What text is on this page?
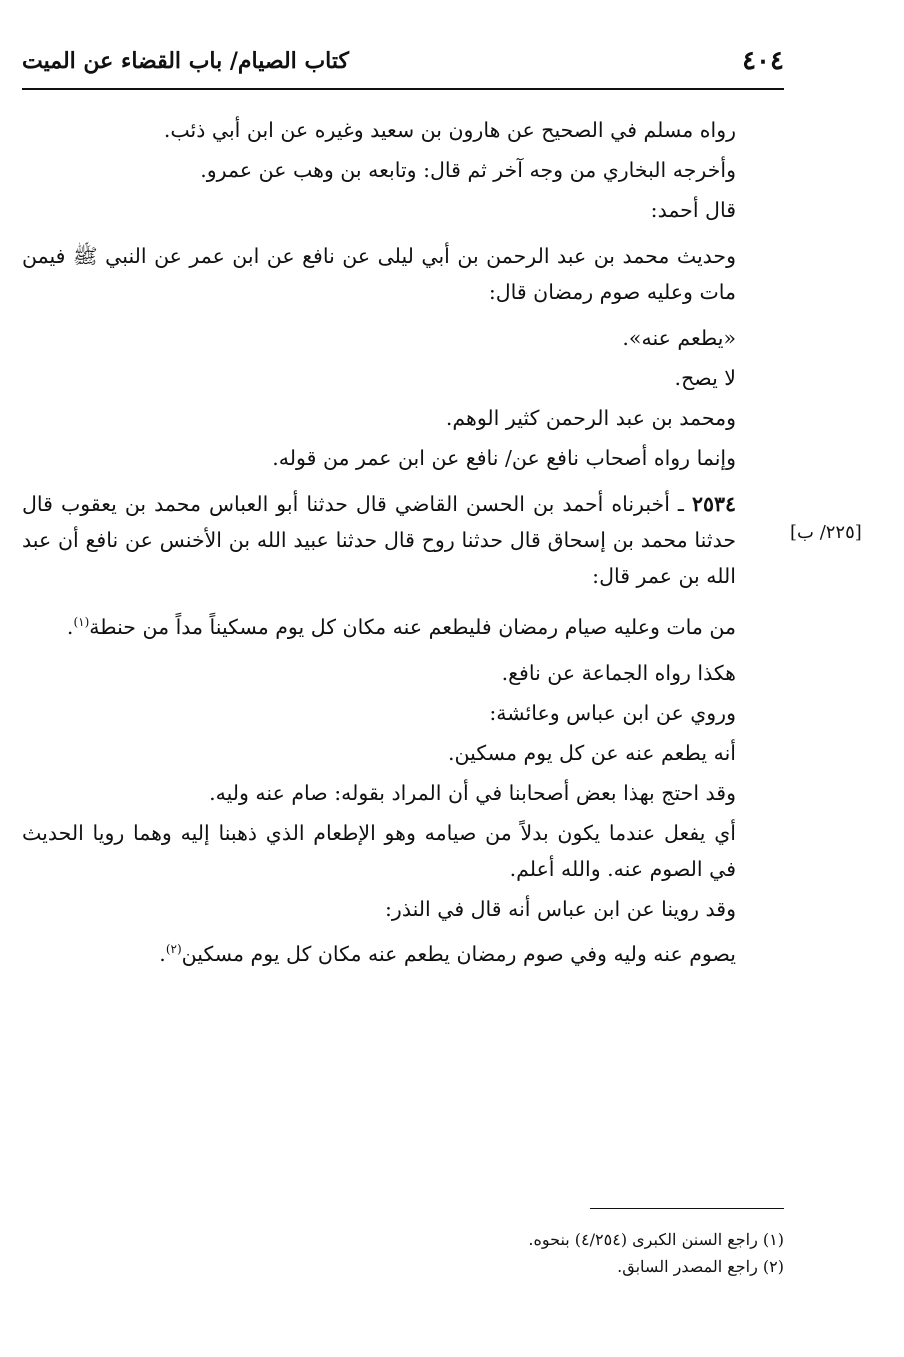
٤٠٤
كتاب الصيام/ باب القضاء عن الميت
[٢٢٥/ ب]

رواه مسلم في الصحيح عن هارون بن سعيد وغيره عن ابن أبي ذئب.

وأخرجه البخاري من وجه آخر ثم قال: وتابعه بن وهب عن عمرو.

قال أحمد:

وحديث محمد بن عبد الرحمن بن أبي ليلى عن نافع عن ابن عمر عن النبي ﷺ فيمن مات وعليه صوم رمضان قال:

«يطعم عنه».

لا يصح.

ومحمد بن عبد الرحمن كثير الوهم.

وإنما رواه أصحاب نافع عن/ نافع عن ابن عمر من قوله.

٢٥٣٤ ـ أخبرناه أحمد بن الحسن القاضي قال حدثنا أبو العباس محمد بن يعقوب قال حدثنا محمد بن إسحاق قال حدثنا روح قال حدثنا عبيد الله بن الأخنس عن نافع أن عبد الله بن عمر قال:

من مات وعليه صيام رمضان فليطعم عنه مكان كل يوم مسكيناً مداً من حنطة$^{(١)}$.

هكذا رواه الجماعة عن نافع.

وروي عن ابن عباس وعائشة:

أنه يطعم عنه عن كل يوم مسكين.

وقد احتج بهذا بعض أصحابنا في أن المراد بقوله: صام عنه وليه.

أي يفعل عندما يكون بدلاً من صيامه وهو الإطعام الذي ذهبنا إليه وهما رويا الحديث في الصوم عنه. والله أعلم.

وقد روينا عن ابن عباس أنه قال في النذر:

يصوم عنه وليه وفي صوم رمضان يطعم عنه مكان كل يوم مسكين$^{(٢)}$.

(١) راجع السنن الكبرى (٤/٢٥٤) بنحوه.

(٢) راجع المصدر السابق.
